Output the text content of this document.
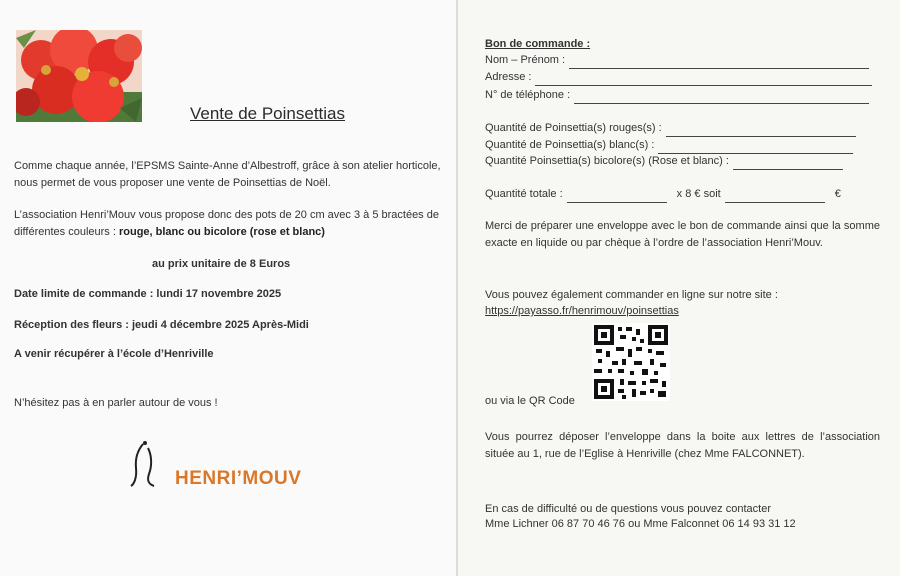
Vente de Poinsettias
Comme chaque année, l’EPSMS Sainte-Anne d’Albestroff, grâce à son atelier horticole, nous permet de vous proposer une vente de Poinsettias de Noël.
L’association Henri’Mouv vous propose donc des pots de 20 cm avec 3 à 5 bractées de différentes couleurs : rouge, blanc ou bicolore (rose et blanc)
au prix unitaire de 8 Euros
Date limite de commande : lundi 17 novembre 2025
Réception des fleurs : jeudi 4 décembre 2025 Après-Midi
A venir récupérer à l’école d’Henriville
N’hésitez pas à en parler autour de vous !
HENRI’MOUV
Bon de commande :
Nom – Prénom :
Adresse :
N° de téléphone :
Quantité de Poinsettia(s) rouges(s) :
Quantité de Poinsettia(s) blanc(s) :
Quantité Poinsettia(s) bicolore(s) (Rose et blanc) :
Quantité totale :	x 8 € soit	€
Merci de préparer une enveloppe avec le bon de commande ainsi que la somme exacte en liquide ou par chèque à l’ordre de l’association Henri’Mouv.
Vous pouvez également commander en ligne sur notre site :
https://payasso.fr/henrimouv/poinsettias
ou via le QR Code
Vous pourrez déposer l’enveloppe dans la boite aux lettres de l’association située au 1, rue de l’Eglise à Henriville (chez Mme FALCONNET).
En cas de difficulté ou de questions vous pouvez contacter
Mme Lichner 06 87 70 46 76 ou Mme Falconnet 06 14 93 31 12
